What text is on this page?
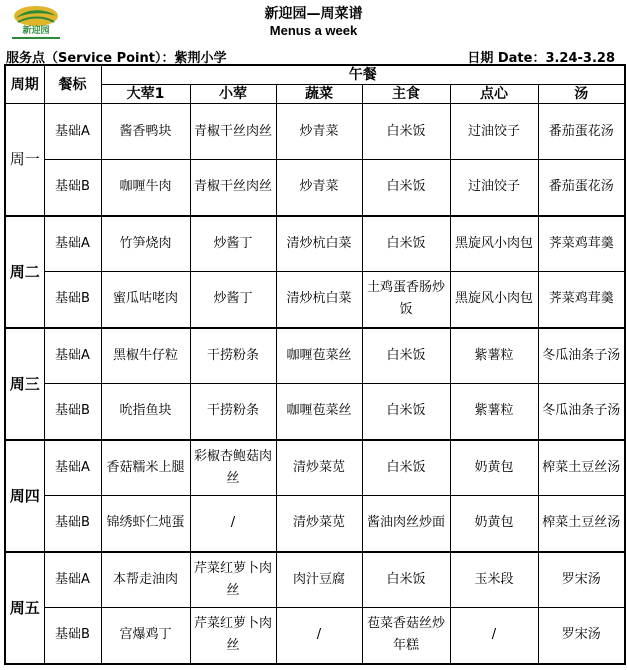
新迎园
新迎园—周菜谱
Menus a week
服务点（Service Point）：紫荆小学	日期 Date：3.24-3.28
周期	餐标	午餐					
		大荤1	小荤	蔬菜	主食	点心	汤
周一	基础A	酱香鸭块	青椒干丝肉丝	炒青菜	白米饭	过油饺子	番茄蛋花汤
	基础B	咖喱牛肉	青椒干丝肉丝	炒青菜	白米饭	过油饺子	番茄蛋花汤
周二	基础A	竹笋烧肉	炒酱丁	清炒杭白菜	白米饭	黑旋风小肉包	荠菜鸡茸羹
	基础B	蜜瓜咕咾肉	炒酱丁	清炒杭白菜	土鸡蛋香肠炒饭	黑旋风小肉包	荠菜鸡茸羹
周三	基础A	黑椒牛仔粒	干捞粉条	咖喱苞菜丝	白米饭	紫薯粒	冬瓜油条子汤
	基础B	吮指鱼块	干捞粉条	咖喱苞菜丝	白米饭	紫薯粒	冬瓜油条子汤
周四	基础A	香菇糯米上腿	彩椒杏鲍菇肉丝	清炒菜苋	白米饭	奶黄包	榨菜土豆丝汤
	基础B	锦绣虾仁炖蛋	/	清炒菜苋	酱油肉丝炒面	奶黄包	榨菜土豆丝汤
周五	基础A	本帮走油肉	芹菜红萝卜肉丝	肉汁豆腐	白米饭	玉米段	罗宋汤
	基础B	宫爆鸡丁	芹菜红萝卜肉丝	/	苞菜香菇丝炒年糕	/	罗宋汤
